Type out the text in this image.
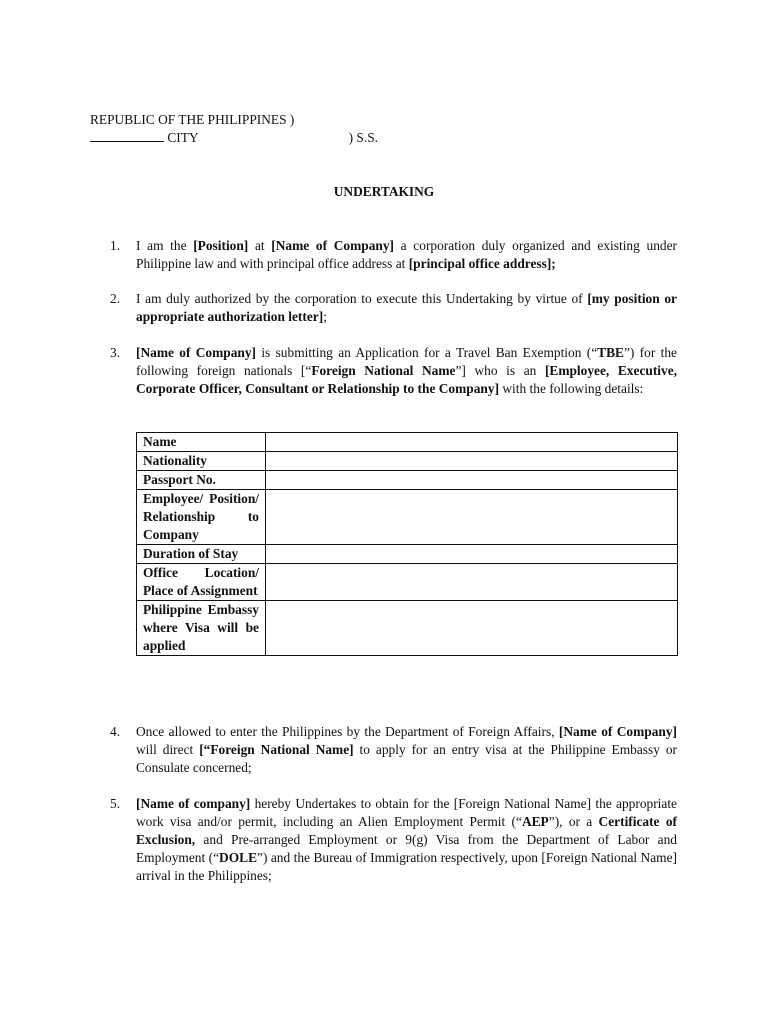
REPUBLIC OF THE PHILIPPINES )
CITY	) S.S.
UNDERTAKING
1. I am the [Position] at [Name of Company] a corporation duly organized and existing under Philippine law and with principal office address at [principal office address];
2. I am duly authorized by the corporation to execute this Undertaking by virtue of [my position or appropriate authorization letter];
3. [Name of Company] is submitting an Application for a Travel Ban Exemption (“TBE”) for the following foreign nationals [“Foreign National Name”] who is an [Employee, Executive, Corporate Officer, Consultant or Relationship to the Company] with the following details:
Name	
Nationality	
Passport No.	
Employee/ Position/ Relationship to Company	
Duration of Stay	
Office Location/ Place of Assignment	
Philippine Embassy where Visa will be applied	
4. Once allowed to enter the Philippines by the Department of Foreign Affairs, [Name of Company] will direct [“Foreign National Name] to apply for an entry visa at the Philippine Embassy or Consulate concerned;
5. [Name of company] hereby Undertakes to obtain for the [Foreign National Name] the appropriate work visa and/or permit, including an Alien Employment Permit (“AEP”), or a Certificate of Exclusion, and Pre-arranged Employment or 9(g) Visa from the Department of Labor and Employment (“DOLE”) and the Bureau of Immigration respectively, upon [Foreign National Name] arrival in the Philippines;
